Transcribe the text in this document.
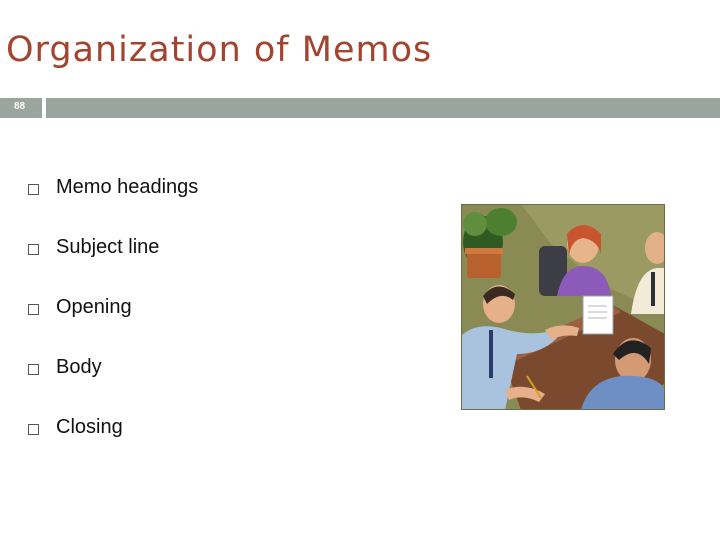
Organization of Memos
88
Memo headings
Subject line
Opening
Body
Closing
